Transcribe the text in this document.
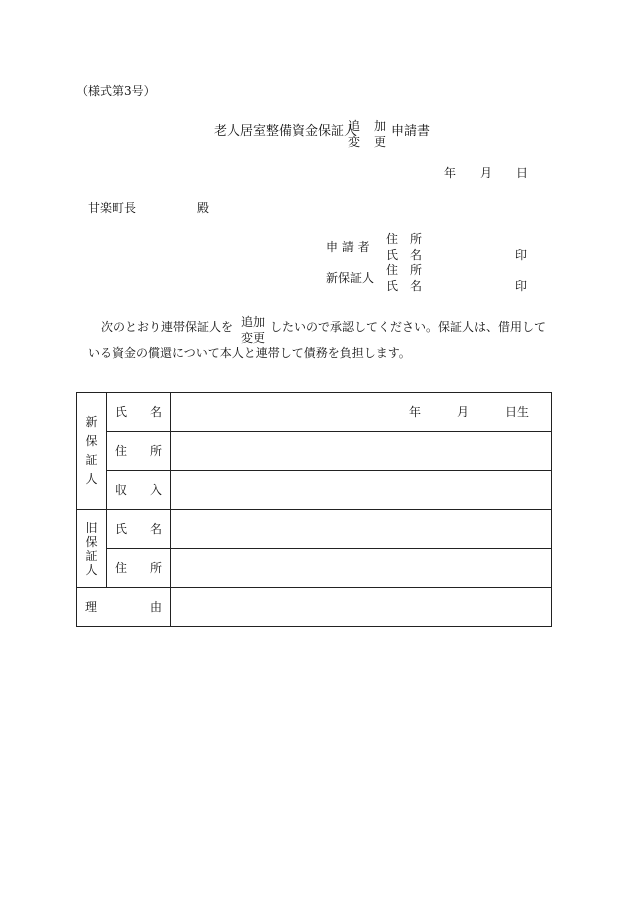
（様式第3号）
老人居室整備資金保証人
追加
変更
申請書
年 月 日
甘楽町長	殿
申 請 者
住　所
氏　名	印
新保証人
住　所
氏　名	印
次のとおり連帯保証人を 追加
変更
したいので承認してください。保証人は、借用して
いる資金の償還について本人と連帯して債務を負担します。
新
保
証
人	氏 名	年 月 日生

	住 所	

	収 入	

旧
保
証
人	氏 名	

	住 所	

理 由		
